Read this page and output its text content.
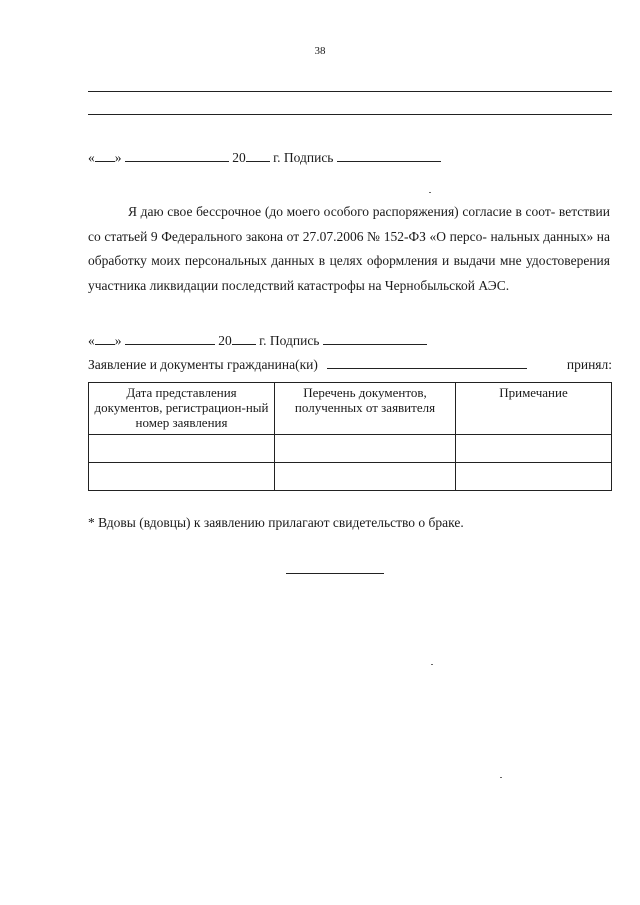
38
« »	20 г. Подпись

Я даю свое бессрочное (до моего особого распоряжения) согласие в соот- ветствии со статьей 9 Федерального закона от 27.07.2006 № 152-ФЗ «О персо- нальных данных» на обработку моих персональных данных в целях оформления и выдачи мне удостоверения участника ликвидации последствий катастрофы на Чернобыльской АЭС.

« »	20 г. Подпись
Заявление и документы гражданина(ки)	принял:
Дата представления документов, регистрацион-ный номер заявления	Перечень документов, полученных от заявителя	Примечание

* Вдовы (вдовцы) к заявлению прилагают свидетельство о браке.
